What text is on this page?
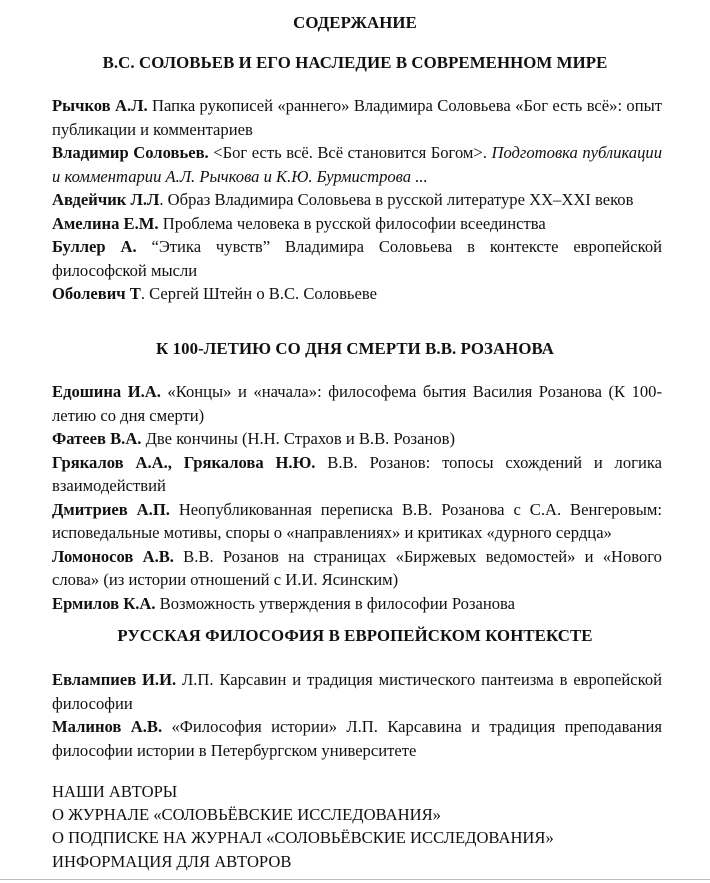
СОДЕРЖАНИЕ
В.С. СОЛОВЬЕВ И ЕГО НАСЛЕДИЕ В СОВРЕМЕННОМ МИРЕ

Рычков А.Л. Папка рукописей «раннего» Владимира Соловьева «Бог есть всё»: опыт публикации и комментариев

Владимир Соловьев. <Бог есть всё. Всё становится Богом>. Подготовка публикации и комментарии А.Л. Рычкова и К.Ю. Бурмистрова ...

Авдейчик Л.Л. Образ Владимира Соловьева в русской литературе XX–XXI веков

Амелина Е.М. Проблема человека в русской философии всеединства

Буллер А. “Этика чувств” Владимира Соловьева в контексте европейской философской мысли

Оболевич Т. Сергей Штейн о В.С. Соловьеве

К 100-ЛЕТИЮ СО ДНЯ СМЕРТИ В.В. РОЗАНОВА

Едошина И.А. «Концы» и «начала»: философема бытия Василия Розанова (К 100-летию со дня смерти)

Фатеев В.А. Две кончины (Н.Н. Страхов и В.В. Розанов)

Грякалов А.А., Грякалова Н.Ю. В.В. Розанов: топосы схождений и логика взаимодействий

Дмитриев А.П. Неопубликованная переписка В.В. Розанова с С.А. Венгеровым: исповедальные мотивы, споры о «направлениях» и критиках «дурного сердца»

Ломоносов А.В. В.В. Розанов на страницах «Биржевых ведомостей» и «Нового слова» (из истории отношений с И.И. Ясинским)

Ермилов К.А. Возможность утверждения в философии Розанова

РУССКАЯ ФИЛОСОФИЯ В ЕВРОПЕЙСКОМ КОНТЕКСТЕ

Евлампиев И.И. Л.П. Карсавин и традиция мистического пантеизма в европейской философии

Малинов А.В. «Философия истории» Л.П. Карсавина и традиция преподавания философии истории в Петербургском университете

НАШИ АВТОРЫ
О ЖУРНАЛЕ «СОЛОВЬЁВСКИЕ ИССЛЕДОВАНИЯ»
О ПОДПИСКЕ НА ЖУРНАЛ «СОЛОВЬЁВСКИЕ ИССЛЕДОВАНИЯ»
ИНФОРМАЦИЯ ДЛЯ АВТОРОВ
